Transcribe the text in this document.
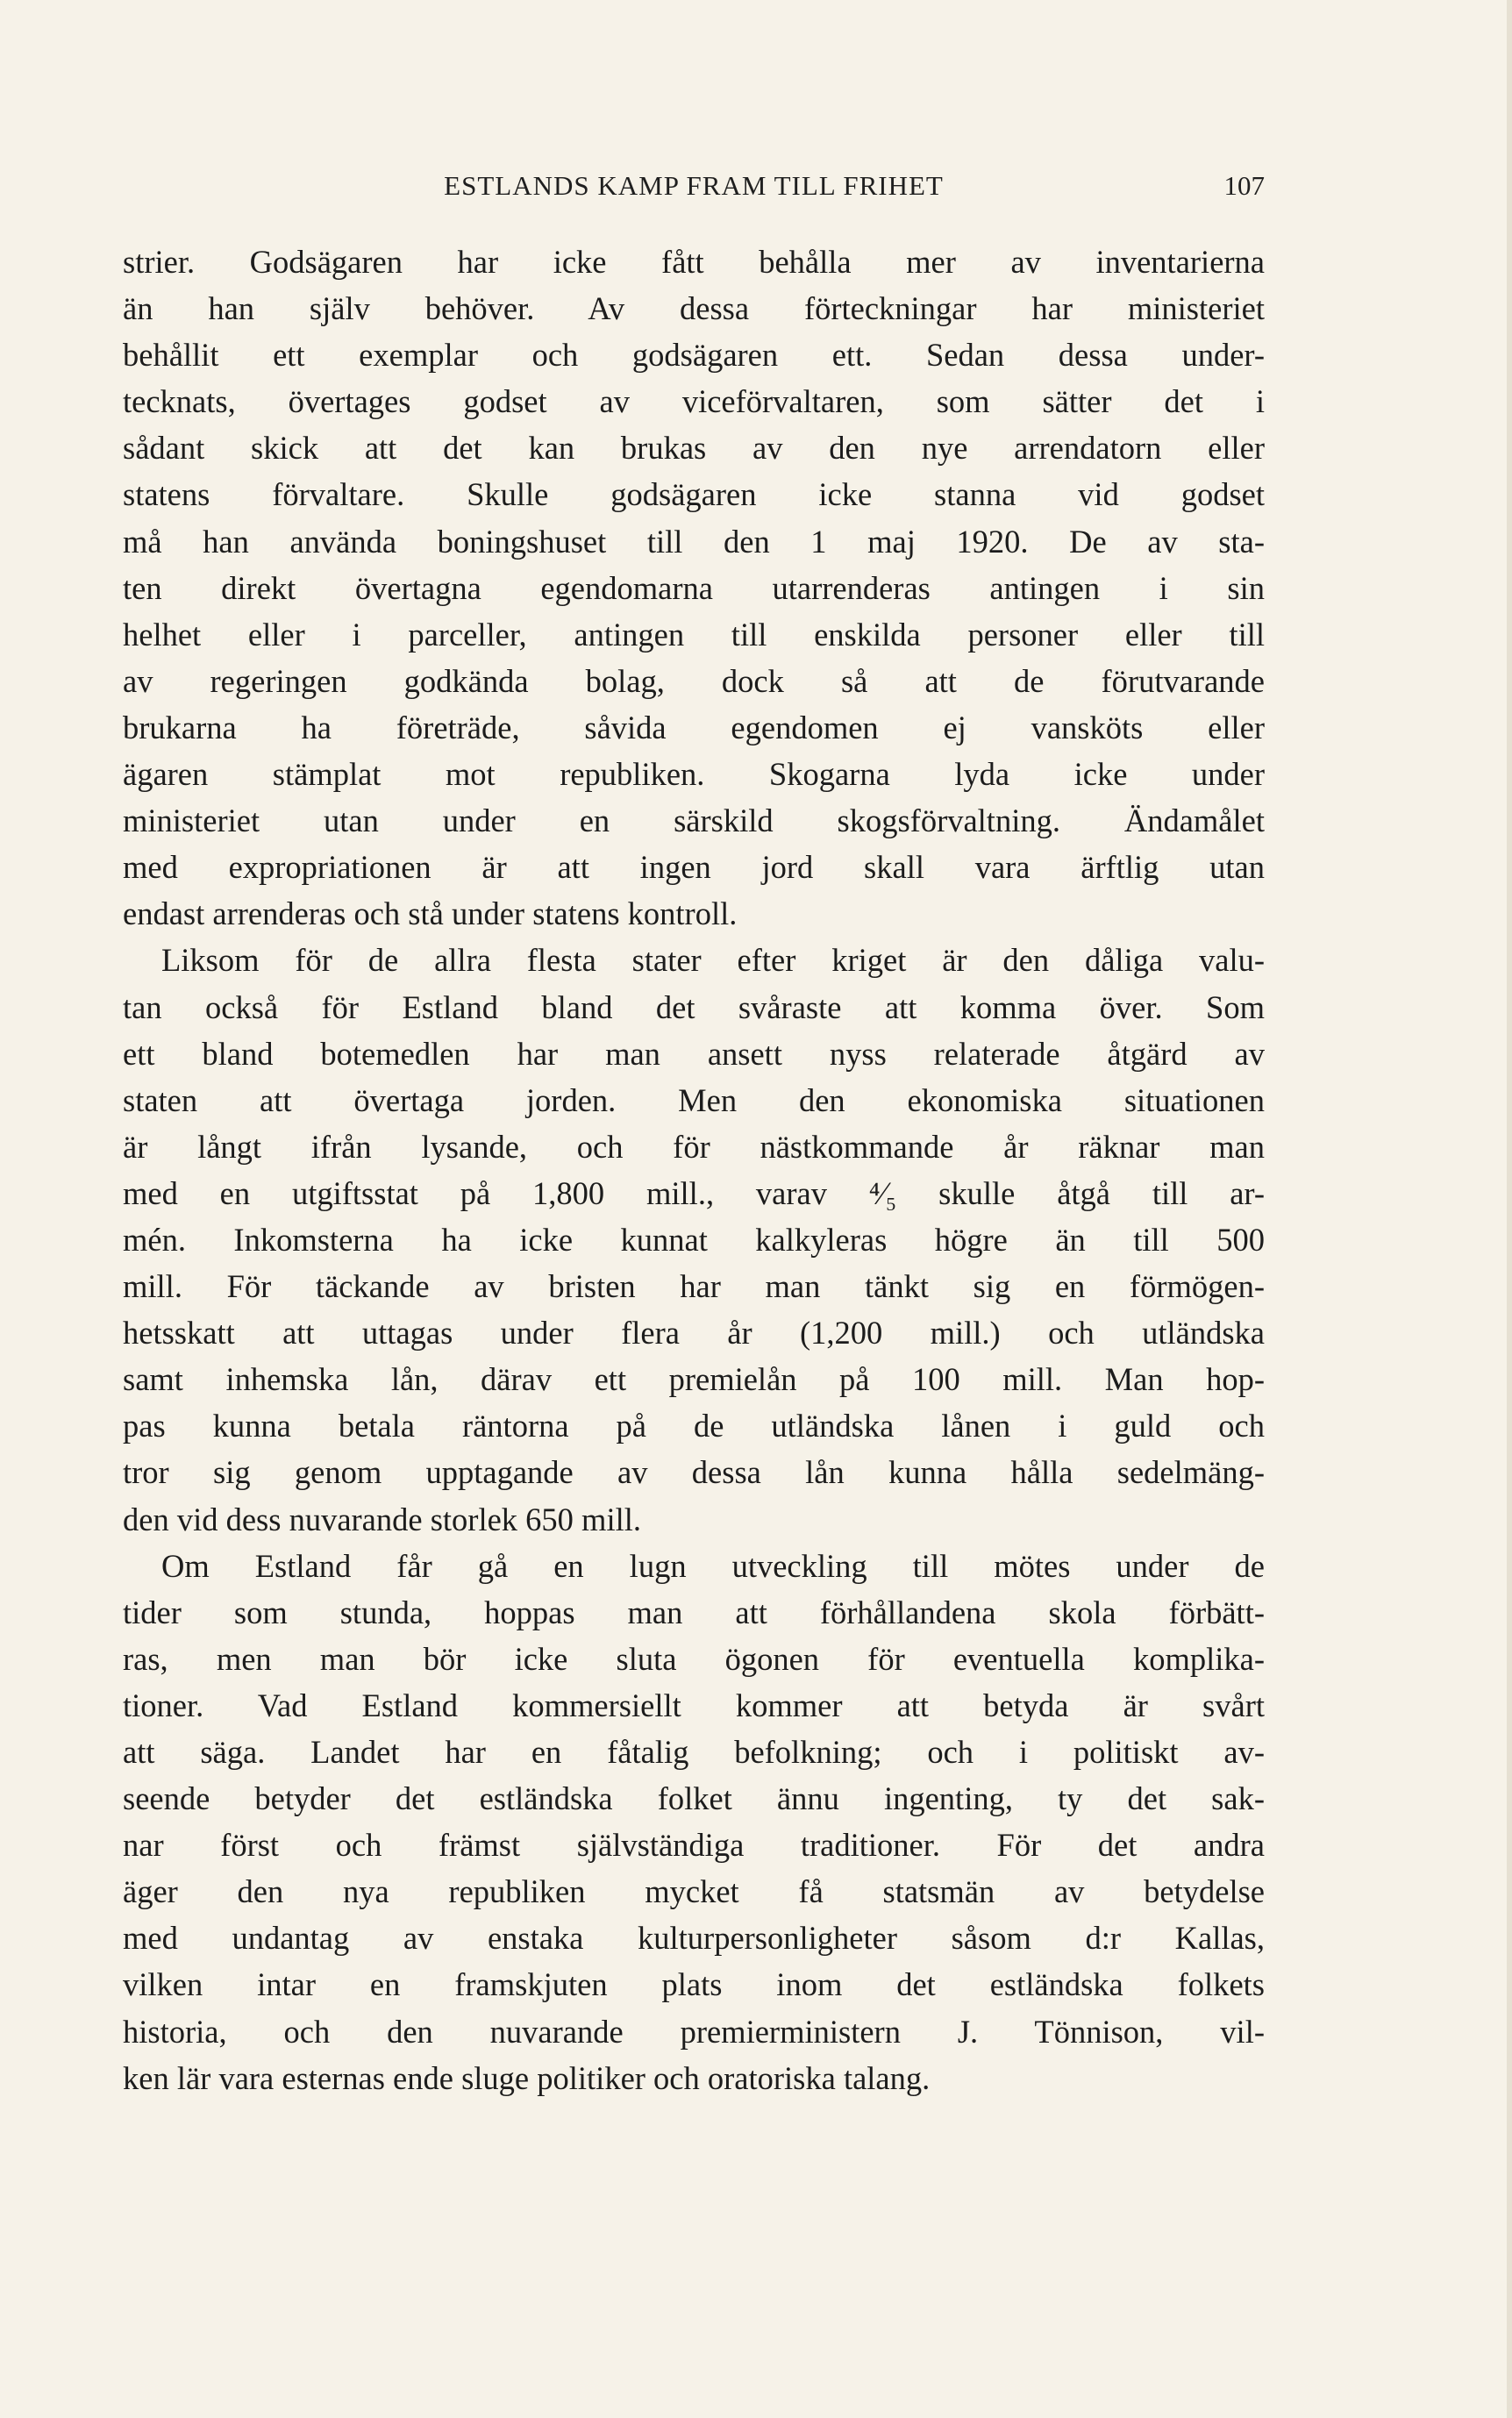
ESTLANDS KAMP FRAM TILL FRIHET	107
strier. Godsägaren har icke fått behålla mer av inventarierna
än han själv behöver. Av dessa förteckningar har ministeriet
behållit ett exemplar och godsägaren ett. Sedan dessa under-
tecknats, övertages godset av viceförvaltaren, som sätter det i
sådant skick att det kan brukas av den nye arrendatorn eller
statens förvaltare. Skulle godsägaren icke stanna vid godset
må han använda boningshuset till den 1 maj 1920. De av sta-
ten direkt övertagna egendomarna utarrenderas antingen i sin
helhet eller i parceller, antingen till enskilda personer eller till
av regeringen godkända bolag, dock så att de förutvarande
brukarna ha företräde, såvida egendomen ej vansköts eller
ägaren stämplat mot republiken. Skogarna lyda icke under
ministeriet utan under en särskild skogsförvaltning. Ändamålet
med expropriationen är att ingen jord skall vara ärftlig utan
endast arrenderas och stå under statens kontroll.
Liksom för de allra flesta stater efter kriget är den dåliga valu-
tan också för Estland bland det svåraste att komma över. Som
ett bland botemedlen har man ansett nyss relaterade åtgärd av
staten att övertaga jorden. Men den ekonomiska situationen
är långt ifrån lysande, och för nästkommande år räknar man
med en utgiftsstat på 1,800 mill., varav ⁴⁄₅ skulle åtgå till ar-
mén. Inkomsterna ha icke kunnat kalkyleras högre än till 500
mill. För täckande av bristen har man tänkt sig en förmögen-
hetsskatt att uttagas under flera år (1,200 mill.) och utländska
samt inhemska lån, därav ett premielån på 100 mill. Man hop-
pas kunna betala räntorna på de utländska lånen i guld och
tror sig genom upptagande av dessa lån kunna hålla sedelmäng-
den vid dess nuvarande storlek 650 mill.
Om Estland får gå en lugn utveckling till mötes under de
tider som stunda, hoppas man att förhållandena skola förbätt-
ras, men man bör icke sluta ögonen för eventuella komplika-
tioner. Vad Estland kommersiellt kommer att betyda är svårt
att säga. Landet har en fåtalig befolkning; och i politiskt av-
seende betyder det estländska folket ännu ingenting, ty det sak-
nar först och främst självständiga traditioner. För det andra
äger den nya republiken mycket få statsmän av betydelse
med undantag av enstaka kulturpersonligheter såsom d:r Kallas,
vilken intar en framskjuten plats inom det estländska folkets
historia, och den nuvarande premierministern J. Tönnison, vil-
ken lär vara esternas ende sluge politiker och oratoriska talang.
